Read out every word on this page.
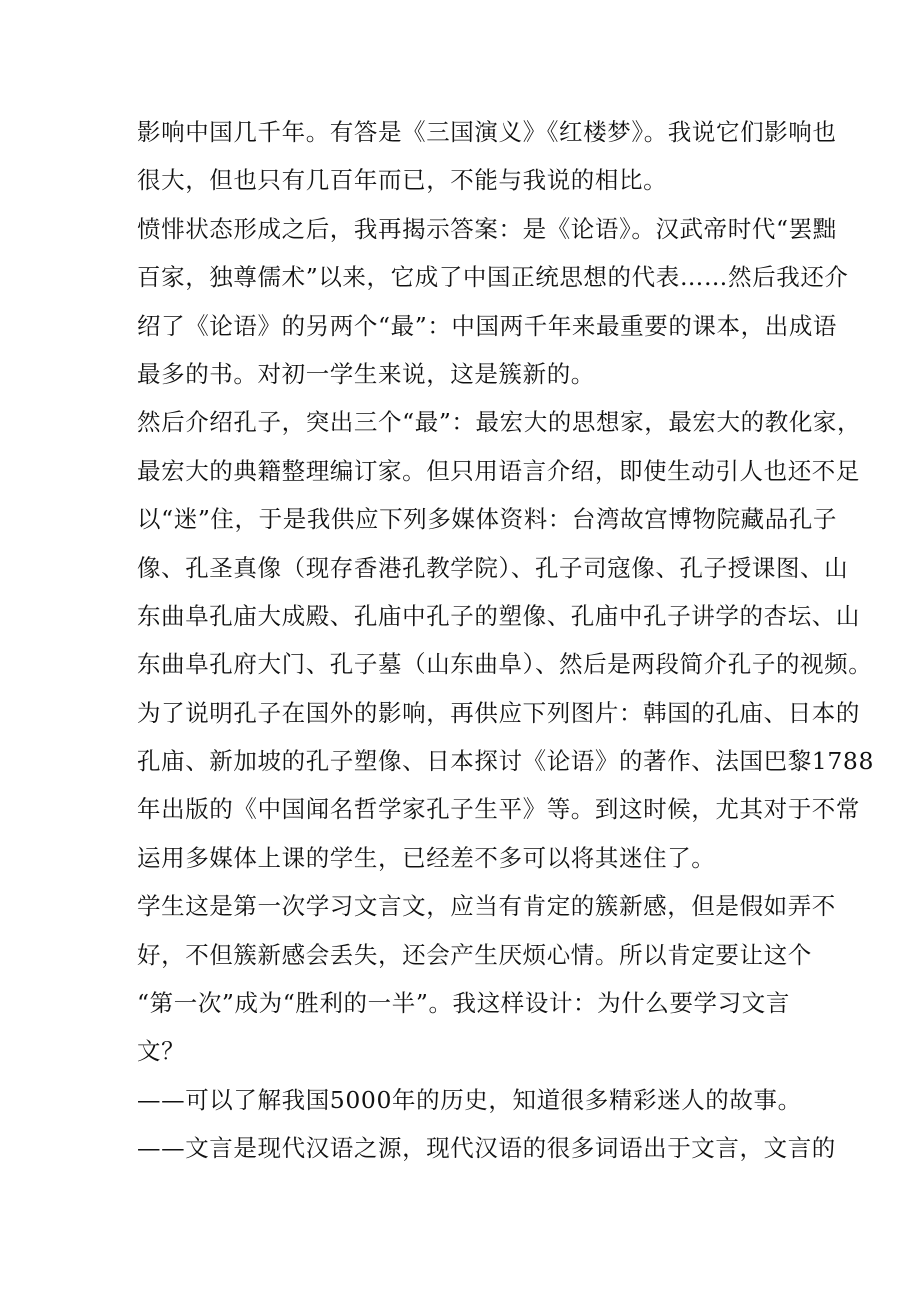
影响中国几千年。有答是《三国演义》《红楼梦》。我说它们影响也
很大，但也只有几百年而已，不能与我说的相比。
愤悱状态形成之后，我再揭示答案：是《论语》。汉武帝时代“罢黜
百家，独尊儒术”以来，它成了中国正统思想的代表……然后我还介
绍了《论语》的另两个“最”：中国两千年来最重要的课本，出成语
最多的书。对初一学生来说，这是簇新的。
然后介绍孔子，突出三个“最”：最宏大的思想家，最宏大的教化家，
最宏大的典籍整理编订家。但只用语言介绍，即使生动引人也还不足
以“迷”住，于是我供应下列多媒体资料：台湾故宫博物院藏品孔子
像、孔圣真像（现存香港孔教学院）、孔子司寇像、孔子授课图、山
东曲阜孔庙大成殿、孔庙中孔子的塑像、孔庙中孔子讲学的杏坛、山
东曲阜孔府大门、孔子墓（山东曲阜）、然后是两段简介孔子的视频。
为了说明孔子在国外的影响，再供应下列图片：韩国的孔庙、日本的
孔庙、新加坡的孔子塑像、日本探讨《论语》的著作、法国巴黎1788
年出版的《中国闻名哲学家孔子生平》等。到这时候，尤其对于不常
运用多媒体上课的学生，已经差不多可以将其迷住了。
学生这是第一次学习文言文，应当有肯定的簇新感，但是假如弄不
好，不但簇新感会丢失，还会产生厌烦心情。所以肯定要让这个
“第一次”成为“胜利的一半”。我这样设计：为什么要学习文言
文？
——可以了解我国5000年的历史，知道很多精彩迷人的故事。
——文言是现代汉语之源，现代汉语的很多词语出于文言，文言的
